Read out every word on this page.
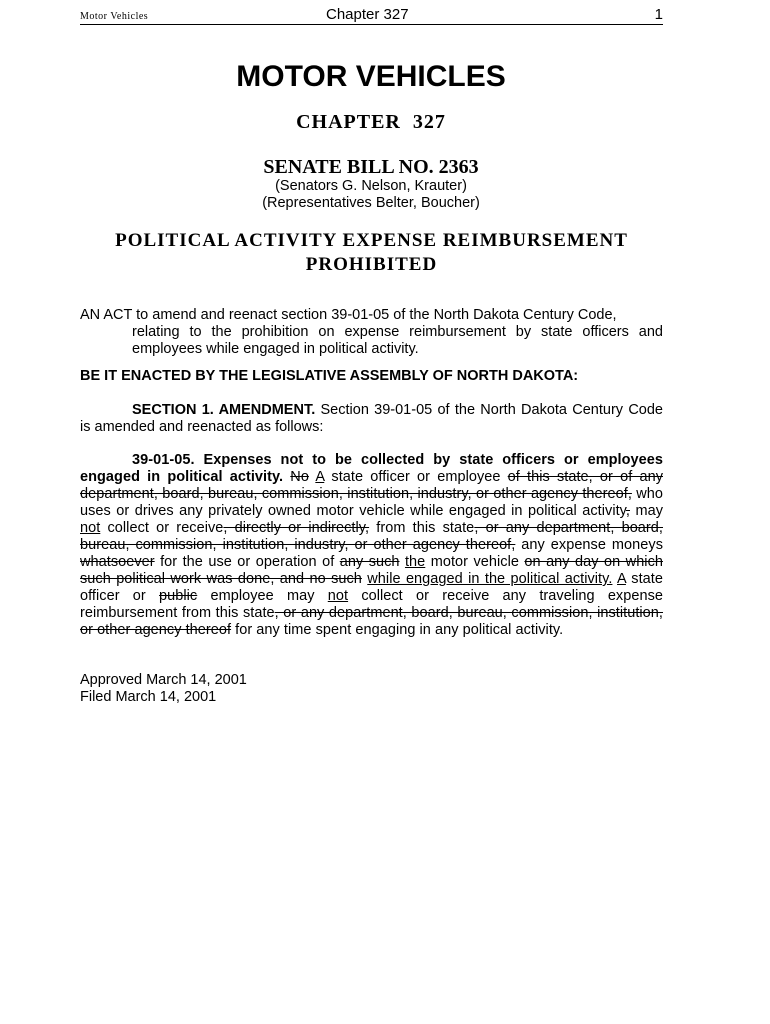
Motor Vehicles	Chapter 327	1
MOTOR VEHICLES
CHAPTER 327
SENATE BILL NO. 2363
(Senators G. Nelson, Krauter)
(Representatives Belter, Boucher)
POLITICAL ACTIVITY EXPENSE REIMBURSEMENT PROHIBITED
AN ACT to amend and reenact section 39-01-05 of the North Dakota Century Code,
relating to the prohibition on expense reimbursement by state officers and employees while engaged in political activity.
BE IT ENACTED BY THE LEGISLATIVE ASSEMBLY OF NORTH DAKOTA:
SECTION 1. AMENDMENT. Section 39-01-05 of the North Dakota Century Code is amended and reenacted as follows:
39-01-05. Expenses not to be collected by state officers or employees engaged in political activity. No A state officer or employee of this state, or of any department, board, bureau, commission, institution, industry, or other agency thereof, who uses or drives any privately owned motor vehicle while engaged in political activity, may not collect or receive, directly or indirectly, from this state, or any department, board, bureau, commission, institution, industry, or other agency thereof, any expense moneys whatsoever for the use or operation of any such the motor vehicle on any day on which such political work was done, and no such while engaged in the political activity. A state officer or public employee may not collect or receive any traveling expense reimbursement from this state, or any department, board, bureau, commission, institution, or other agency thereof for any time spent engaging in any political activity.
Approved March 14, 2001
Filed March 14, 2001
